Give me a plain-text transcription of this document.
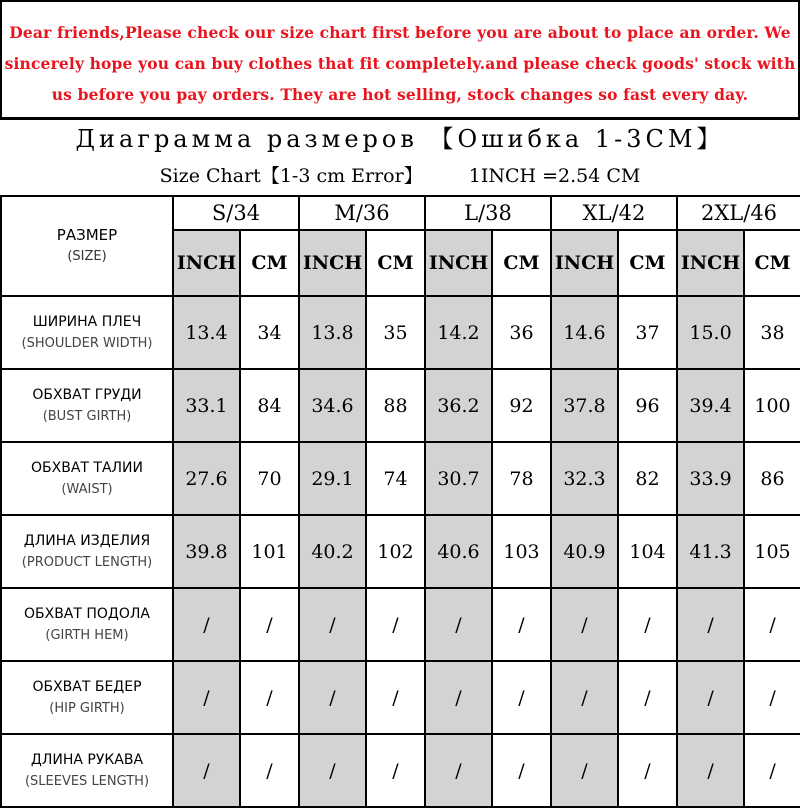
Dear friends,Please check our size chart first before you are about to place an order. We
sincerely hope you can buy clothes that fit completely.and please check goods' stock with
us before you pay orders. They are hot selling, stock changes so fast every day.
Диаграмма размеров 【Ошибка 1-3CM】
Size Chart【1-3 cm Error】 1INCH =2.54 CM
РАЗМЕР
(SIZE)	S/34		M/36		L/38		XL/42		2XL/46	
	INCH	CM	INCH	CM	INCH	CM	INCH	CM	INCH	CM

ШИРИНА ПЛЕЧ
(SHOULDER WIDTH)	13.4	34	13.8	35	14.2	36	14.6	37	15.0	38

ОБХВАТ ГРУДИ
(BUST GIRTH)	33.1	84	34.6	88	36.2	92	37.8	96	39.4	100

ОБХВАТ ТАЛИИ
(WAIST)	27.6	70	29.1	74	30.7	78	32.3	82	33.9	86

ДЛИНА ИЗДЕЛИЯ
(PRODUCT LENGTH)	39.8	101	40.2	102	40.6	103	40.9	104	41.3	105

ОБХВАТ ПОДОЛА
(GIRTH HEM)	/	/	/	/	/	/	/	/	/	/

ОБХВАТ БЕДЕР
(HIP GIRTH)	/	/	/	/	/	/	/	/	/	/

ДЛИНА РУКАВА
(SLEEVES LENGTH)	/	/	/	/	/	/	/	/	/	/
